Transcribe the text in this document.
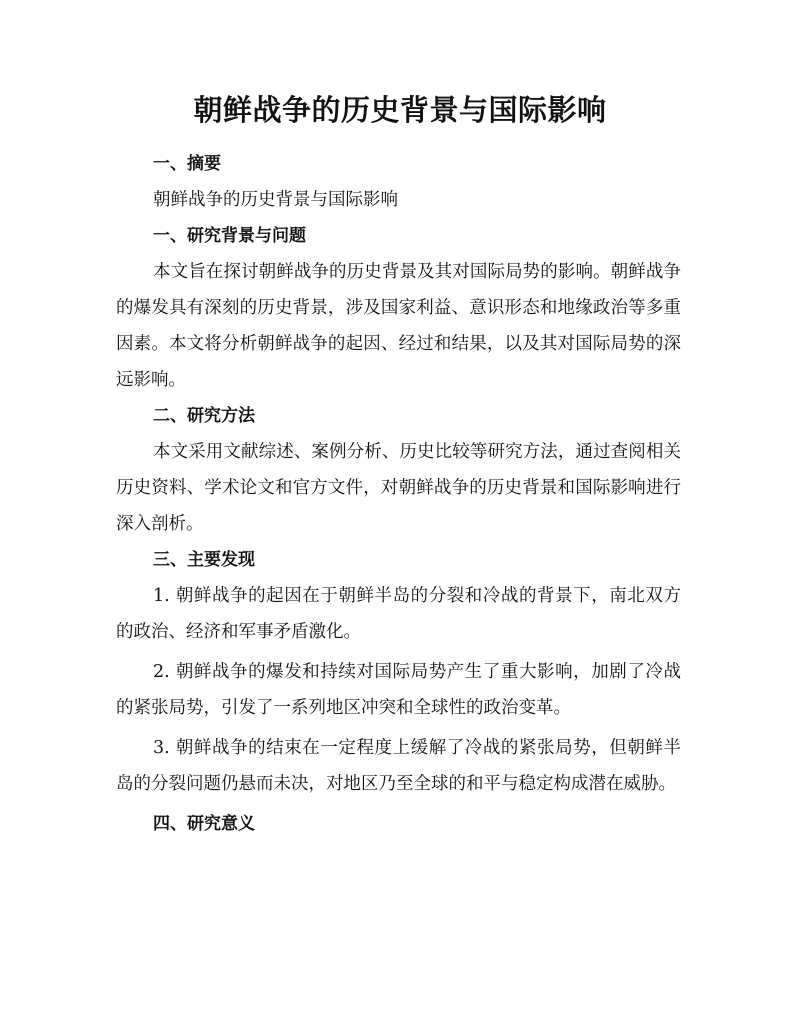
朝鲜战争的历史背景与国际影响
一、摘要
朝鲜战争的历史背景与国际影响
一、研究背景与问题

本文旨在探讨朝鲜战争的历史背景及其对国际局势的影响。朝鲜战争的爆发具有深刻的历史背景，涉及国家利益、意识形态和地缘政治等多重因素。本文将分析朝鲜战争的起因、经过和结果，以及其对国际局势的深远影响。

二、研究方法

本文采用文献综述、案例分析、历史比较等研究方法，通过查阅相关历史资料、学术论文和官方文件，对朝鲜战争的历史背景和国际影响进行深入剖析。

三、主要发现

1. 朝鲜战争的起因在于朝鲜半岛的分裂和冷战的背景下，南北双方的政治、经济和军事矛盾激化。

2. 朝鲜战争的爆发和持续对国际局势产生了重大影响，加剧了冷战的紧张局势，引发了一系列地区冲突和全球性的政治变革。

3. 朝鲜战争的结束在一定程度上缓解了冷战的紧张局势，但朝鲜半岛的分裂问题仍悬而未决，对地区乃至全球的和平与稳定构成潜在威胁。

四、研究意义
